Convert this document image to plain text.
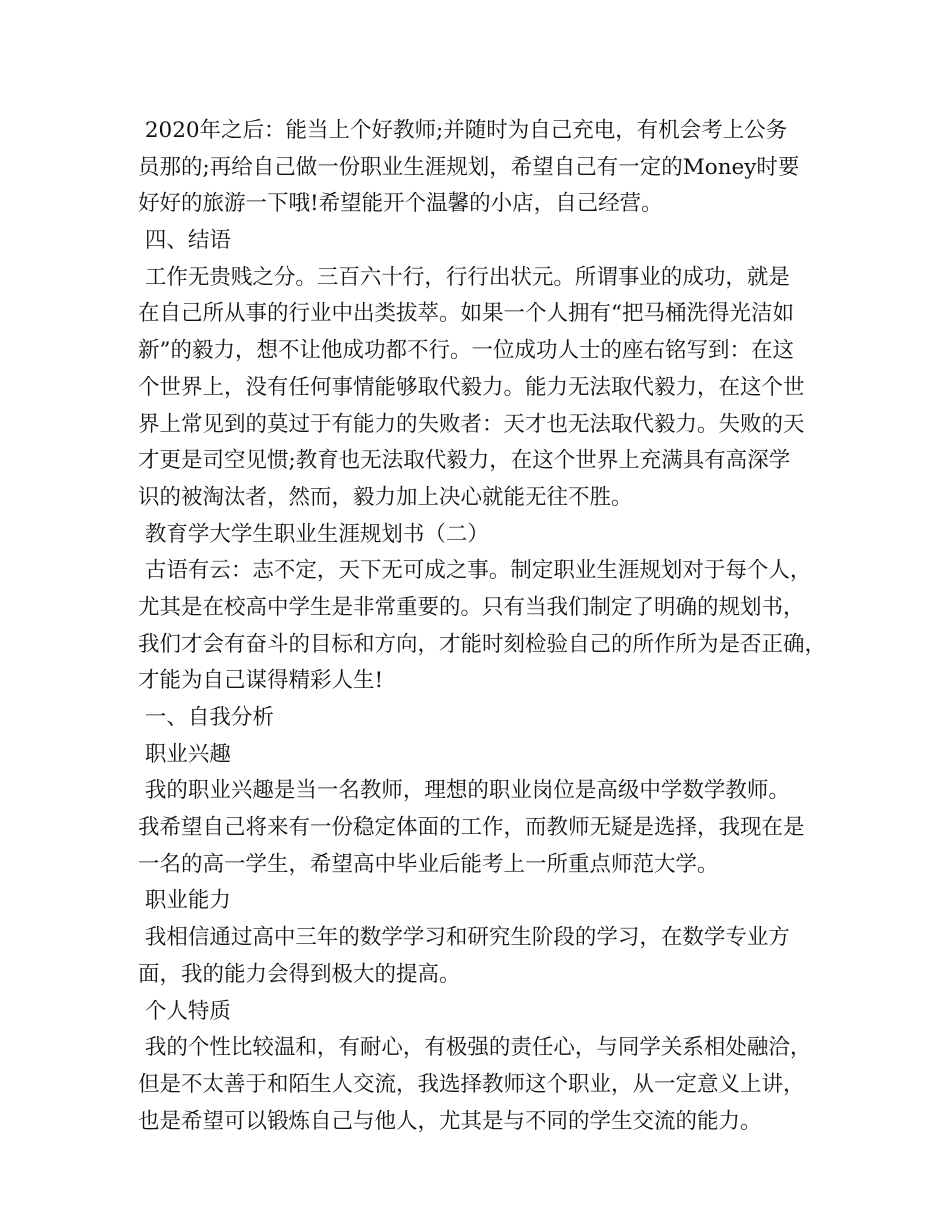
2020年之后：能当上个好教师;并随时为自己充电，有机会考上公务
员那的;再给自己做一份职业生涯规划，希望自己有一定的Money时要
好好的旅游一下哦!希望能开个温馨的小店，自己经营。
四、结语
工作无贵贱之分。三百六十行，行行出状元。所谓事业的成功，就是
在自己所从事的行业中出类拔萃。如果一个人拥有“把马桶洗得光洁如
新”的毅力，想不让他成功都不行。一位成功人士的座右铭写到：在这
个世界上，没有任何事情能够取代毅力。能力无法取代毅力，在这个世
界上常见到的莫过于有能力的失败者：天才也无法取代毅力。失败的天
才更是司空见惯;教育也无法取代毅力，在这个世界上充满具有高深学
识的被淘汰者，然而，毅力加上决心就能无往不胜。
教育学大学生职业生涯规划书（二）
古语有云：志不定，天下无可成之事。制定职业生涯规划对于每个人，
尤其是在校高中学生是非常重要的。只有当我们制定了明确的规划书，
我们才会有奋斗的目标和方向，才能时刻检验自己的所作所为是否正确，
才能为自己谋得精彩人生!
一、自我分析
职业兴趣
我的职业兴趣是当一名教师，理想的职业岗位是高级中学数学教师。
我希望自己将来有一份稳定体面的工作，而教师无疑是选择，我现在是
一名的高一学生，希望高中毕业后能考上一所重点师范大学。
职业能力
我相信通过高中三年的数学学习和研究生阶段的学习，在数学专业方
面，我的能力会得到极大的提高。
个人特质
我的个性比较温和，有耐心，有极强的责任心，与同学关系相处融洽，
但是不太善于和陌生人交流，我选择教师这个职业，从一定意义上讲，
也是希望可以锻炼自己与他人，尤其是与不同的学生交流的能力。
